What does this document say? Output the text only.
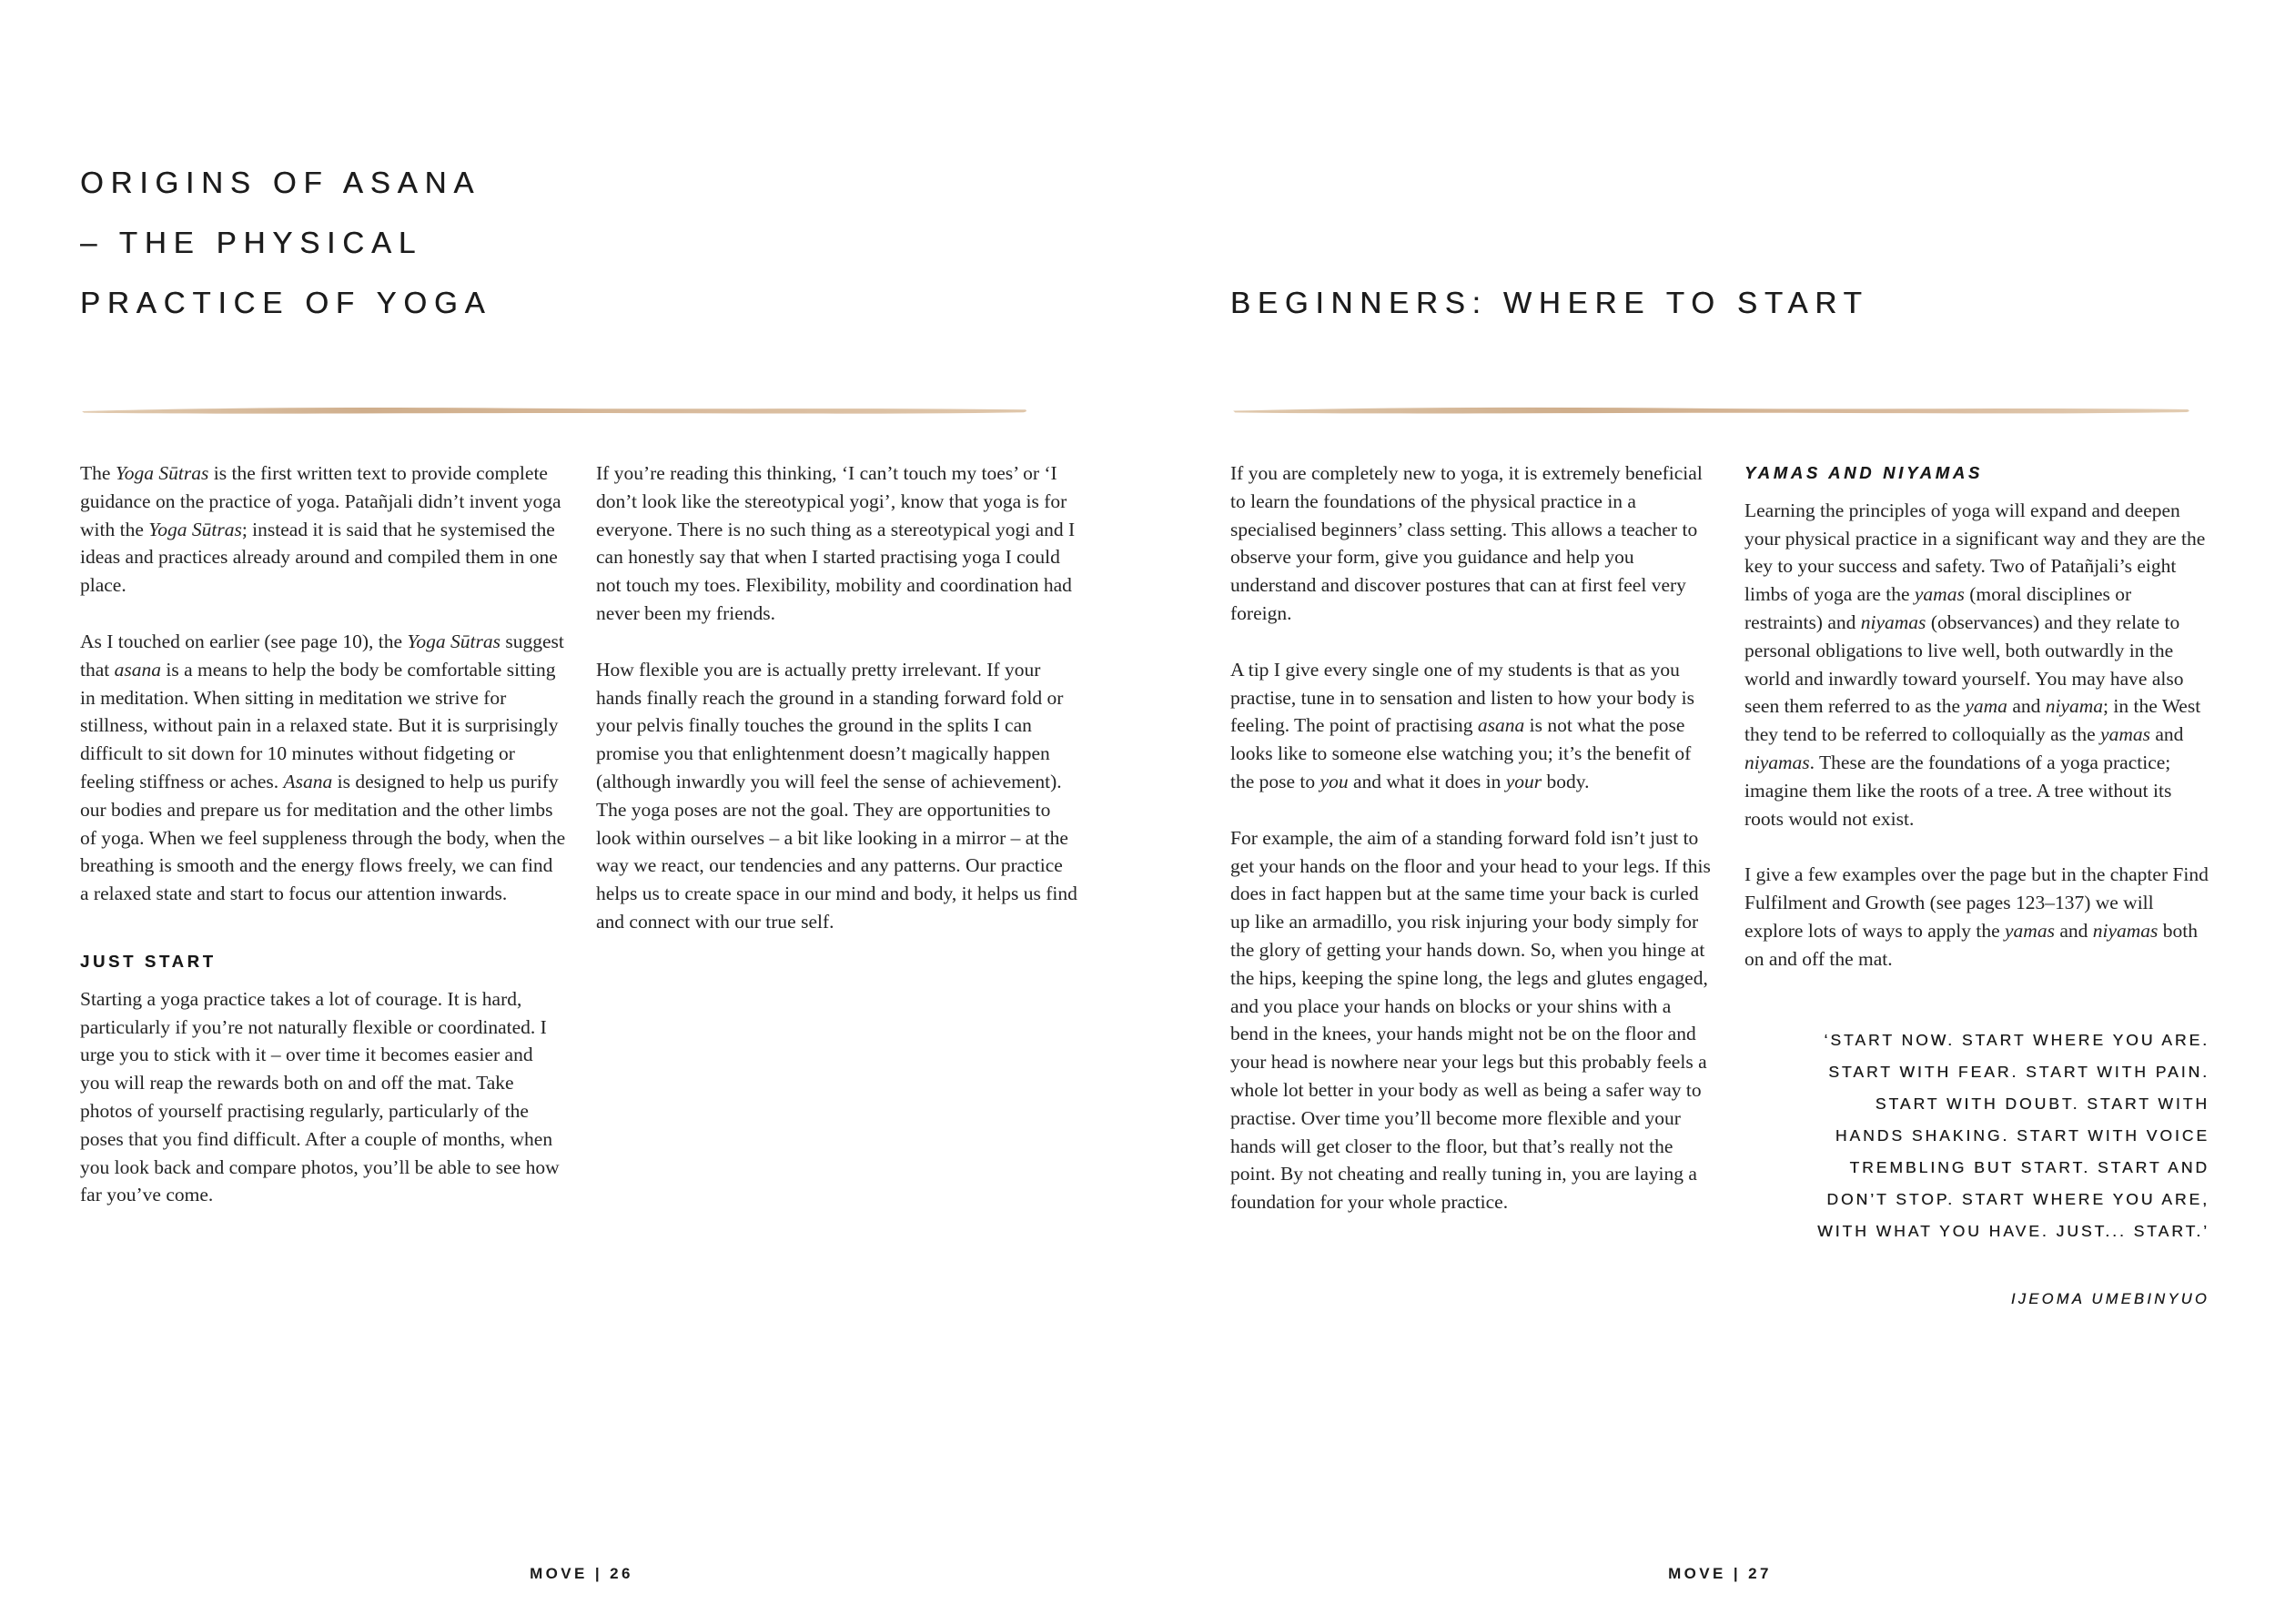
ORIGINS OF ASANA
– THE PHYSICAL
PRACTICE OF YOGA

The Yoga Sūtras is the first written text to provide complete guidance on the practice of yoga. Patañjali didn’t invent yoga with the Yoga Sūtras; instead it is said that he systemised the ideas and practices already around and compiled them in one place.

As I touched on earlier (see page 10), the Yoga Sūtras suggest that asana is a means to help the body be comfortable sitting in meditation. When sitting in meditation we strive for stillness, without pain in a relaxed state. But it is surprisingly difficult to sit down for 10 minutes without fidgeting or feeling stiffness or aches. Asana is designed to help us purify our bodies and prepare us for meditation and the other limbs of yoga. When we feel suppleness through the body, when the breathing is smooth and the energy flows freely, we can find a relaxed state and start to focus our attention inwards.

JUST START

Starting a yoga practice takes a lot of courage. It is hard, particularly if you’re not naturally flexible or coordinated. I urge you to stick with it – over time it becomes easier and you will reap the rewards both on and off the mat. Take photos of yourself practising regularly, particularly of the poses that you find difficult. After a couple of months, when you look back and compare photos, you’ll be able to see how far you’ve come.

If you’re reading this thinking, ‘I can’t touch my toes’ or ‘I don’t look like the stereotypical yogi’, know that yoga is for everyone. There is no such thing as a stereotypical yogi and I can honestly say that when I started practising yoga I could not touch my toes. Flexibility, mobility and coordination had never been my friends.

How flexible you are is actually pretty irrelevant. If your hands finally reach the ground in a standing forward fold or your pelvis finally touches the ground in the splits I can promise you that enlightenment doesn’t magically happen (although inwardly you will feel the sense of achievement). The yoga poses are not the goal. They are opportunities to look within ourselves – a bit like looking in a mirror – at the way we react, our tendencies and any patterns. Our practice helps us to create space in our mind and body, it helps us find and connect with our true self.

MOVE | 26
BEGINNERS: WHERE TO START

If you are completely new to yoga, it is extremely beneficial to learn the foundations of the physical practice in a specialised beginners’ class setting. This allows a teacher to observe your form, give you guidance and help you understand and discover postures that can at first feel very foreign.

A tip I give every single one of my students is that as you practise, tune in to sensation and listen to how your body is feeling. The point of practising asana is not what the pose looks like to someone else watching you; it’s the benefit of the pose to you and what it does in your body.

For example, the aim of a standing forward fold isn’t just to get your hands on the floor and your head to your legs. If this does in fact happen but at the same time your back is curled up like an armadillo, you risk injuring your body simply for the glory of getting your hands down. So, when you hinge at the hips, keeping the spine long, the legs and glutes engaged, and you place your hands on blocks or your shins with a bend in the knees, your hands might not be on the floor and your head is nowhere near your legs but this probably feels a whole lot better in your body as well as being a safer way to practise. Over time you’ll become more flexible and your hands will get closer to the floor, but that’s really not the point. By not cheating and really tuning in, you are laying a foundation for your whole practice.

YAMAS AND NIYAMAS

Learning the principles of yoga will expand and deepen your physical practice in a significant way and they are the key to your success and safety. Two of Patañjali’s eight limbs of yoga are the yamas (moral disciplines or restraints) and niyamas (observances) and they relate to personal obligations to live well, both outwardly in the world and inwardly toward yourself. You may have also seen them referred to as the yama and niyama; in the West they tend to be referred to colloquially as the yamas and niyamas. These are the foundations of a yoga practice; imagine them like the roots of a tree. A tree without its roots would not exist.

I give a few examples over the page but in the chapter Find Fulfilment and Growth (see pages 123–137) we will explore lots of ways to apply the yamas and niyamas both on and off the mat.

‘START NOW. START WHERE YOU ARE.
START WITH FEAR. START WITH PAIN.
START WITH DOUBT. START WITH
HANDS SHAKING. START WITH VOICE
TREMBLING BUT START. START AND
DON’T STOP. START WHERE YOU ARE,
WITH WHAT YOU HAVE. JUST... START.’
IJEOMA UMEBINYUO
MOVE | 27
